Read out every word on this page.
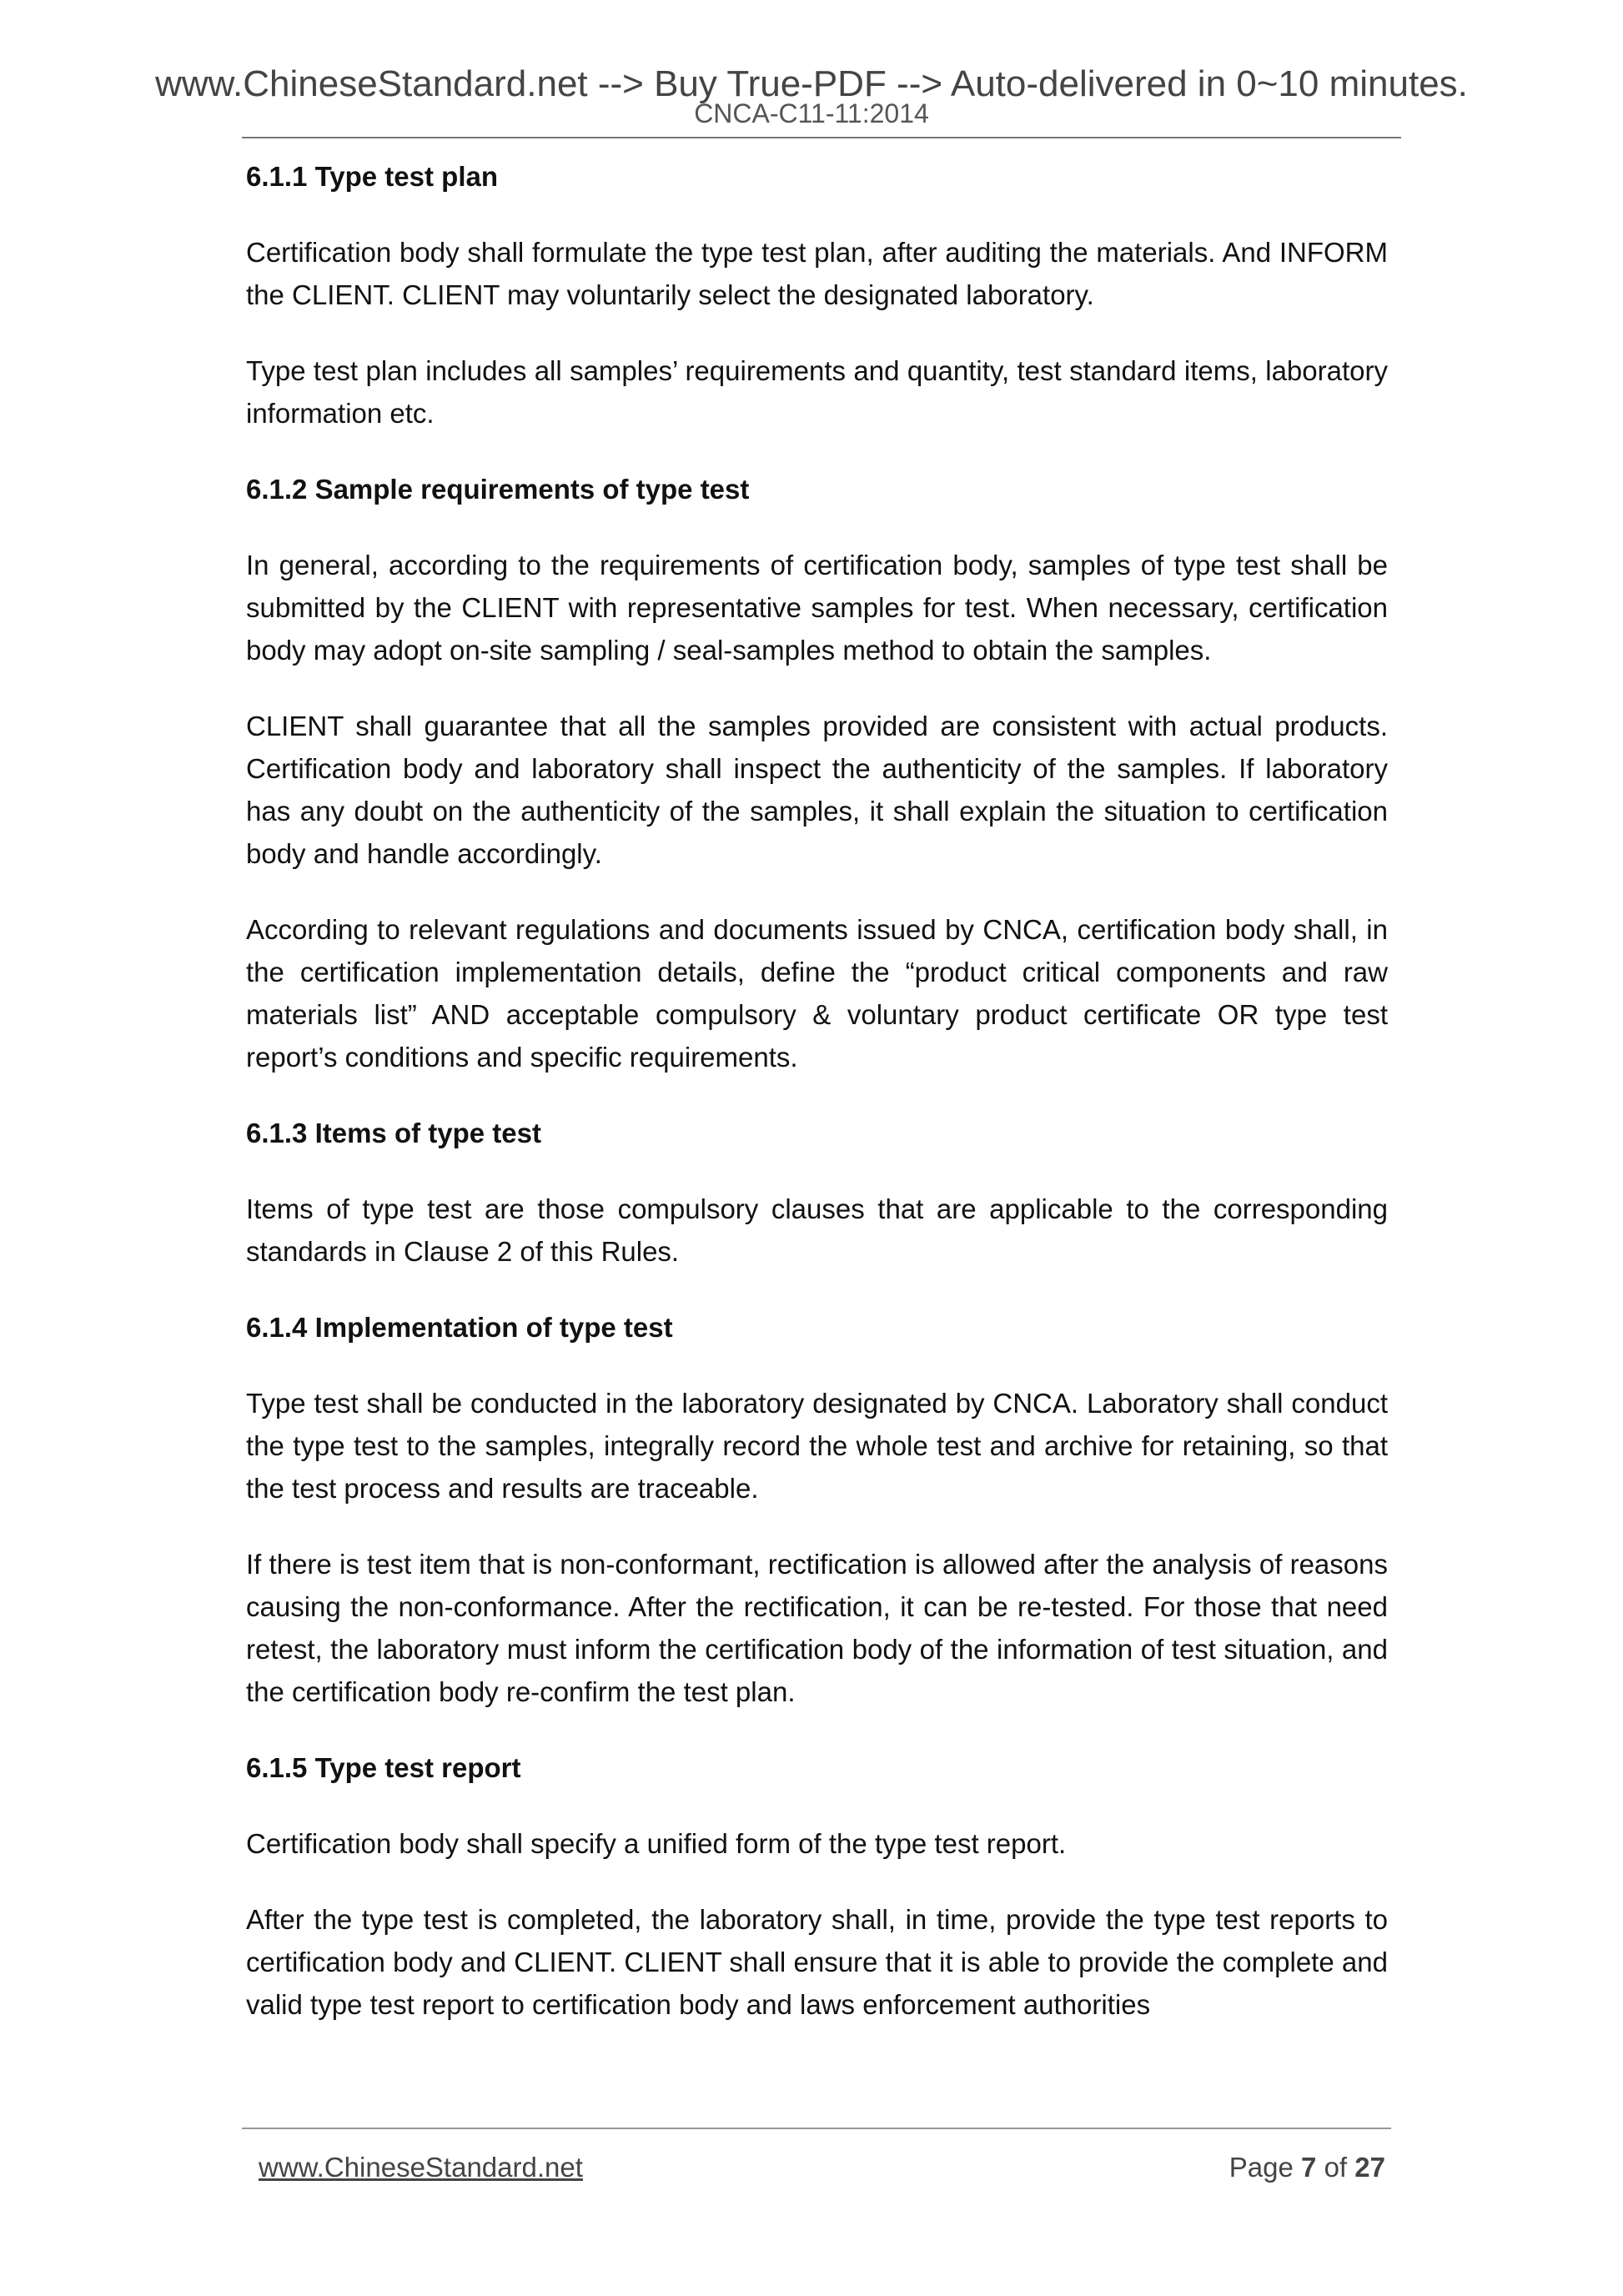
www.ChineseStandard.net --> Buy True-PDF --> Auto-delivered in 0~10 minutes.
CNCA-C11-11:2014
6.1.1 Type test plan

Certification body shall formulate the type test plan, after auditing the materials. And INFORM the CLIENT. CLIENT may voluntarily select the designated laboratory.

Type test plan includes all samples’ requirements and quantity, test standard items, laboratory information etc.

6.1.2 Sample requirements of type test

In general, according to the requirements of certification body, samples of type test shall be submitted by the CLIENT with representative samples for test. When necessary, certification body may adopt on-site sampling / seal-samples method to obtain the samples.

CLIENT shall guarantee that all the samples provided are consistent with actual products. Certification body and laboratory shall inspect the authenticity of the samples. If laboratory has any doubt on the authenticity of the samples, it shall explain the situation to certification body and handle accordingly.

According to relevant regulations and documents issued by CNCA, certification body shall, in the certification implementation details, define the “product critical components and raw materials list” AND acceptable compulsory & voluntary product certificate OR type test report’s conditions and specific requirements.

6.1.3 Items of type test

Items of type test are those compulsory clauses that are applicable to the corresponding standards in Clause 2 of this Rules.

6.1.4 Implementation of type test

Type test shall be conducted in the laboratory designated by CNCA. Laboratory shall conduct the type test to the samples, integrally record the whole test and archive for retaining, so that the test process and results are traceable.

If there is test item that is non-conformant, rectification is allowed after the analysis of reasons causing the non-conformance. After the rectification, it can be re-tested. For those that need retest, the laboratory must inform the certification body of the information of test situation, and the certification body re-confirm the test plan.

6.1.5 Type test report

Certification body shall specify a unified form of the type test report.

After the type test is completed, the laboratory shall, in time, provide the type test reports to certification body and CLIENT. CLIENT shall ensure that it is able to provide the complete and valid type test report to certification body and laws enforcement authorities

www.ChineseStandard.net	Page 7 of 27
